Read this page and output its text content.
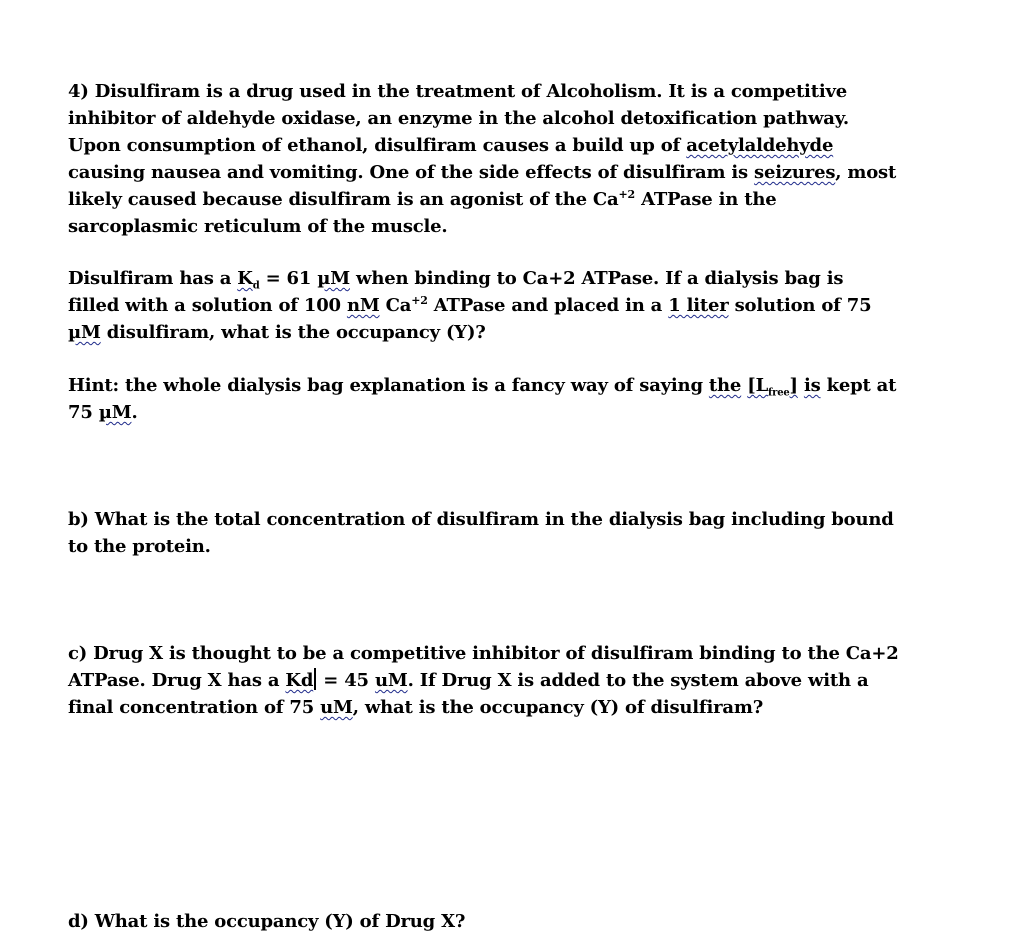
4) Disulfiram is a drug used in the treatment of Alcoholism. It is a competitive

inhibitor of aldehyde oxidase, an enzyme in the alcohol detoxification pathway.

Upon consumption of ethanol, disulfiram causes a build up of acetylaldehyde

causing nausea and vomiting. One of the side effects of disulfiram is seizures, most

likely caused because disulfiram is an agonist of the $Ca^{+2}$ ATPase in the

sarcoplasmic reticulum of the muscle.

Disulfiram has a $K_d = 61$ µM when binding to Ca+2 ATPase. If a dialysis bag is

filled with a solution of 100 nM $Ca^{+2}$ ATPase and placed in a 1 liter solution of 75

µM disulfiram, what is the occupancy (Y)?

Hint: the whole dialysis bag explanation is a fancy way of saying the $[L_{free}]$ is kept at

75 µM.

b) What is the total concentration of disulfiram in the dialysis bag including bound

to the protein.

c) Drug X is thought to be a competitive inhibitor of disulfiram binding to the Ca+2

ATPase. Drug X has a Kd = 45 uM. If Drug X is added to the system above with a

final concentration of 75 uM, what is the occupancy (Y) of disulfiram?

d) What is the occupancy (Y) of Drug X?
